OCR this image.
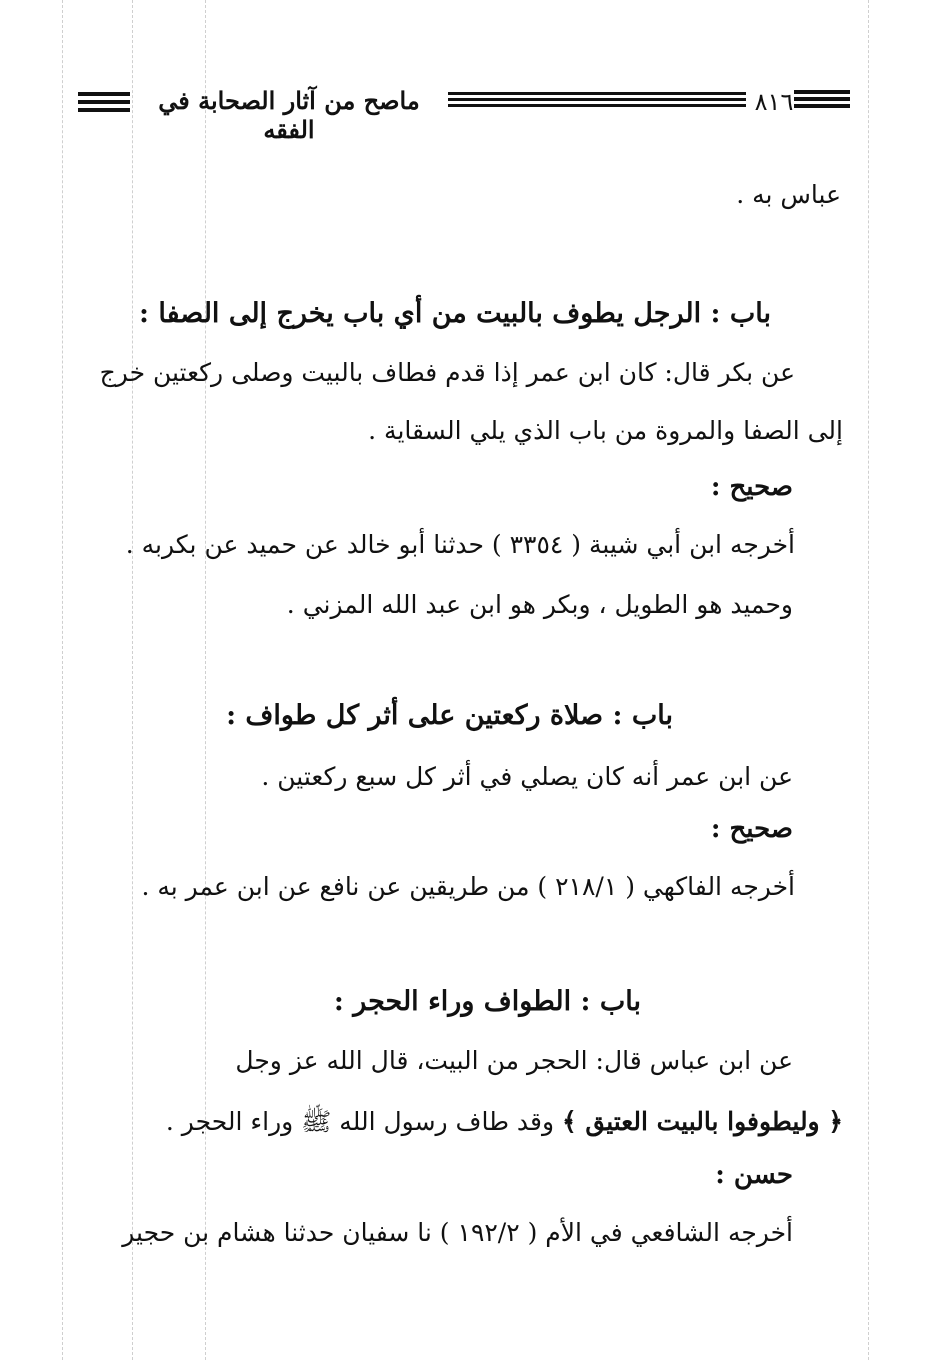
٨١٦
ماصح من آثار الصحابة في الفقه
عباس به .
باب : الرجل يطوف بالبيت من أي باب يخرج إلى الصفا :
عن بكر قال: كان ابن عمر إذا قدم فطاف بالبيت وصلى ركعتين خرج
إلى الصفا والمروة من باب الذي يلي السقاية .
صحيح :
أخرجه ابن أبي شيبة ( ٣٣٥٤ ) حدثنا أبو خالد عن حميد عن بكربه .
وحميد هو الطويل ، وبكر هو ابن عبد الله المزني .
باب : صلاة ركعتين على أثر كل طواف :
عن ابن عمر أنه كان يصلي في أثر كل سبع ركعتين .
صحيح :
أخرجه الفاكهي ( ٢١٨/١ ) من طريقين عن نافع عن ابن عمر به .
باب : الطواف وراء الحجر :
عن ابن عباس قال: الحجر من البيت، قال الله عز وجل
﴿ وليطوفوا بالبيت العتيق ﴾ وقد طاف رسول الله ﷺ وراء الحجر .
حسن :
أخرجه الشافعي في الأم ( ١٩٢/٢ ) نا سفيان حدثنا هشام بن حجير
